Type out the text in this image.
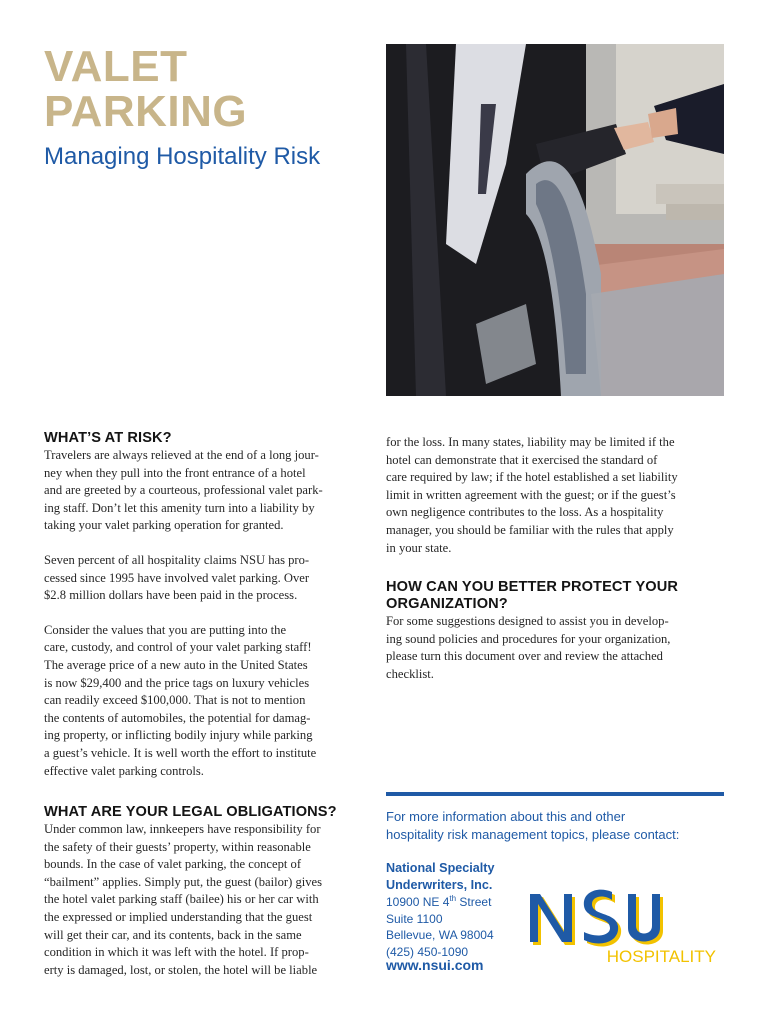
VALET
PARKING
Managing Hospitality Risk
WHAT’S AT RISK?

Travelers are always relieved at the end of a long jour-
ney when they pull into the front entrance of a hotel
and are greeted by a courteous, professional valet park-
ing staff. Don’t let this amenity turn into a liability by
taking your valet parking operation for granted.

Seven percent of all hospitality claims NSU has pro-
cessed since 1995 have involved valet parking. Over
$2.8 million dollars have been paid in the process.

Consider the values that you are putting into the
care, custody, and control of your valet parking staff!
The average price of a new auto in the United States
is now $29,400 and the price tags on luxury vehicles
can readily exceed $100,000. That is not to mention
the contents of automobiles, the potential for damag-
ing property, or inflicting bodily injury while parking
a guest’s vehicle. It is well worth the effort to institute
effective valet parking controls.

WHAT ARE YOUR LEGAL OBLIGATIONS?

Under common law, innkeepers have responsibility for
the safety of their guests’ property, within reasonable
bounds. In the case of valet parking, the concept of
“bailment” applies. Simply put, the guest (bailor) gives
the hotel valet parking staff (bailee) his or her car with
the expressed or implied understanding that the guest
will get their car, and its contents, back in the same
condition in which it was left with the hotel. If prop-
erty is damaged, lost, or stolen, the hotel will be liable

for the loss. In many states, liability may be limited if the
hotel can demonstrate that it exercised the standard of
care required by law; if the hotel established a set liability
limit in written agreement with the guest; or if the guest’s
own negligence contributes to the loss. As a hospitality
manager, you should be familiar with the rules that apply
in your state.

HOW CAN YOU BETTER PROTECT YOUR
ORGANIZATION?

For some suggestions designed to assist you in develop-
ing sound policies and procedures for your organization,
please turn this document over and review the attached
checklist.

For more information about this and other
hospitality risk management topics, please contact:
National Specialty
Underwriters, Inc.
10900 NE 4th Street
Suite 1100
Bellevue, WA 98004
(425) 450-1090
www.nsui.com	HOSPITALITY
